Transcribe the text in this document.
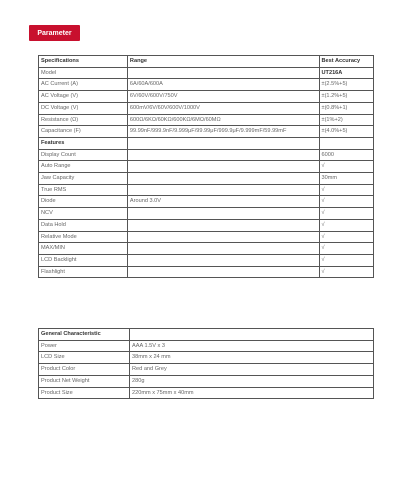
Parameter
Specifications	Range	Best Accuracy
Model		UT216A
AC Current (A)	6A/60A/600A	±(2.5%+5)
AC Voltage (V)	6V/60V/600V/750V	±(1.2%+5)
DC Voltage (V)	600mV/6V/60V/600V/1000V	±(0.8%+1)
Resistance (Ω)	600Ω/6KΩ/60KΩ/600KΩ/6MΩ/60MΩ	±(1%+2)
Capacitance (F)	99.99nF/999.9nF/9.999μF/99.99μF/999.9μF/9.999mF/59.99mF	±(4.0%+5)
Features		
Display Count		6000
Auto Range		√
Jaw Capacity		30mm
True RMS		√
Diode	Around 3.0V	√
NCV		√
Data Hold		√
Relative Mode		√
MAX/MIN		√
LCD Backlight		√
Flashlight		√
General Characteristic	
Power	AAA 1.5V x 3
LCD Size	38mm x 24 mm
Product Color	Red and Grey
Product Net Weight	280g
Product Size	220mm x 75mm x 40mm
